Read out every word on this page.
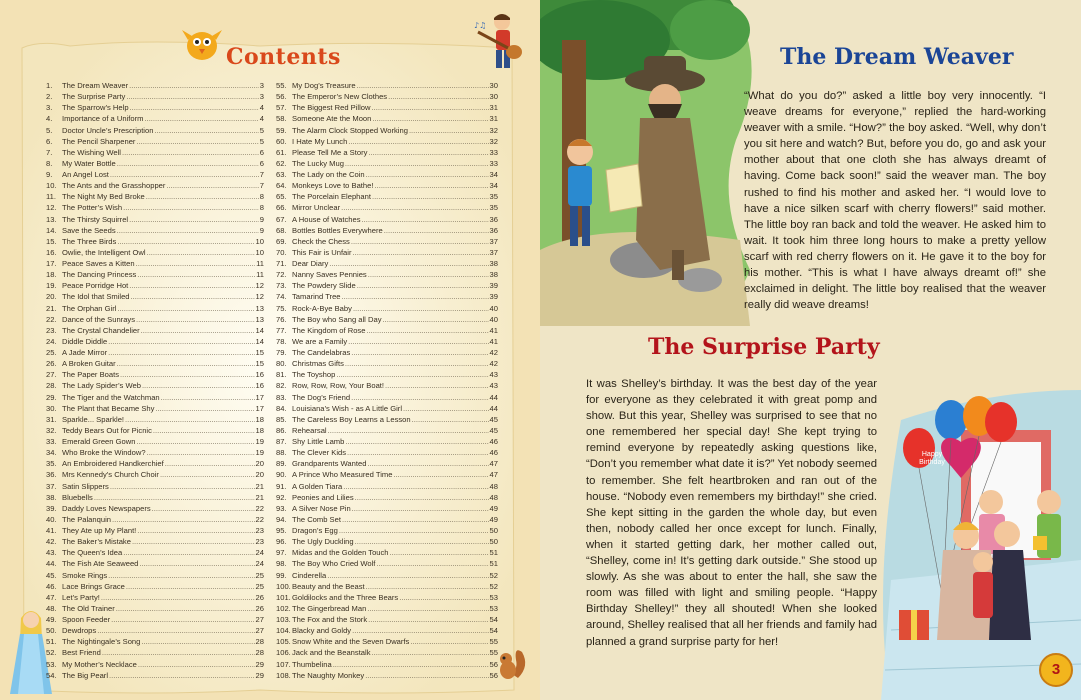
♪♫
Contents
1.	The Dream Weaver .....	3
2.	The Surprise Party .....	3
3.	The Sparrow’s Help .....	4
4.	Importance of a Uniform .....	4
5.	Doctor Uncle’s Prescription .....	5
6.	The Pencil Sharpener .....	5
7.	The Wishing Well .....	6
8.	My Water Bottle .....	6
9.	An Angel Lost .....	7
10. The Ants and the Grasshopper .....	7
11. The Night My Bed Broke .....	8
12. The Potter’s Wish .....	8
13. The Thirsty Squirrel .....	9
14. Save the Seeds .....	9
15. The Three Birds .....	10
16. Owlie, the Intelligent Owl .....	10
17. Peace Saves a Kitten .....	11
18. The Dancing Princess .....	11
19. Peace Porridge Hot .....	12
20. The Idol that Smiled .....	12
21. The Orphan Girl .....	13
22. Dance of the Sunrays .....	13
23. The Crystal Chandelier .....	14
24. Diddle Diddle .....	14
25. A Jade Mirror .....	15
26. A Broken Guitar .....	15
27. The Paper Boats .....	16
28. The Lady Spider’s Web .....	16
29. The Tiger and the Watchman .....	17
30. The Plant that Became Shy .....	17
31. Sparkle... Sparkle! .....	18
32. Teddy Bears Out for Picnic .....	18
33. Emerald Green Gown .....	19
34. Who Broke the Window? .....	19
35. An Embroidered Handkerchief .....	20
36. Mrs Kennedy’s Church Choir .....	20
37. Satin Slippers .....	21
38. Bluebells .....	21
39. Daddy Loves Newspapers .....	22
40. The Palanquin .....	22
41. They Ate up My Plant! .....	23
42. The Baker’s Mistake .....	23
43. The Queen’s Idea .....	24
44. The Fish Ate Seaweed .....	24
45. Smoke Rings .....	25
46. Lace Brings Grace .....	25
47. Let’s Party! .....	26
48. The Old Trainer .....	26
49. Spoon Feeder .....	27
50. Dewdrops .....	27
51. The Nightingale’s Song .....	28
52. Best Friend .....	28
53. My Mother’s Necklace .....	29
54. The Big Pearl .....	29
55. My Dog’s Treasure .....	30
56. The Emperor’s New Clothes .....	30
57. The Biggest Red Pillow .....	31
58. Someone Ate the Moon .....	31
59. The Alarm Clock Stopped Working .....	32
60. I Hate My Lunch .....	32
61. Please Tell Me a Story .....	33
62. The Lucky Mug .....	33
63. The Lady on the Coin .....	34
64. Monkeys Love to Bathe! .....	34
65. The Porcelain Elephant .....	35
66. Mirror Unclear .....	35
67. A House of Watches .....	36
68. Bottles Bottles Everywhere .....	36
69. Check the Chess .....	37
70. This Fair is Unfair .....	37
71. Dear Diary .....	38
72. Nanny Saves Pennies .....	38
73. The Powdery Slide .....	39
74. Tamarind Tree .....	39
75. Rock-A-Bye Baby .....	40
76. The Boy who Sang all Day .....	40
77. The Kingdom of Rose .....	41
78. We are a Family .....	41
79. The Candelabras .....	42
80. Christmas Gifts .....	42
81. The Toyshop .....	43
82. Row, Row, Row, Your Boat! .....	43
83. The Dog’s Friend .....	44
84. Louisiana’s Wish - as A Little Girl .....	44
85. The Careless Boy Learns a Lesson .....	45
86. Rehearsal .....	45
87. Shy Little Lamb .....	46
88. The Clever Kids .....	46
89. Grandparents Wanted .....	47
90. A Prince Who Measured Time .....	47
91. A Golden Tiara .....	48
92. Peonies and Lilies .....	48
93. A Silver Nose Pin .....	49
94. The Comb Set .....	49
95. Dragon’s Egg .....	50
96. The Ugly Duckling .....	50
97. Midas and the Golden Touch .....	51
98. The Boy Who Cried Wolf .....	51
99. Cinderella .....	52
100. Beauty and the Beast .....	52
101. Goldilocks and the Three Bears .....	53
102. The Gingerbread Man .....	53
103. The Fox and the Stork .....	54
104. Blacky and Goldy .....	54
105. Snow White and the Seven Dwarfs .....	55
106. Jack and the Beanstalk .....	55
107. Thumbelina .....	56
108. The Naughty Monkey .....	56
Happy
Birthday
The Dream Weaver
“What do you do?” asked a little boy very innocently. “I weave dreams for everyone,” replied the hard-working weaver with a smile. “How?” the boy asked. “Well, why don’t you sit here and watch? But, before you do, go and ask your mother about that one cloth she has always dreamt of having. Come back soon!” said the weaver man. The boy rushed to find his mother and asked her. “I would love to have a nice silken scarf with cherry flowers!” said mother. The little boy ran back and told the weaver. He asked him to wait. It took him three long hours to make a pretty yellow scarf with red cherry flowers on it. He gave it to the boy for his mother. “This is what I have always dreamt of!” she exclaimed in delight. The little boy realised that the weaver really did weave dreams!
The Surprise Party
It was Shelley’s birthday. It was the best day of the year for everyone as they celebrated it with great pomp and show. But this year, Shelley was surprised to see that no one remembered her special day! She kept trying to remind everyone by repeatedly asking questions like, “Don’t you remember what date it is?” Yet nobody seemed to remember. She felt heartbroken and ran out of the house. “Nobody even remembers my birthday!” she cried. She kept sitting in the garden the whole day, but even then, nobody called her once except for lunch. Finally, when it started getting dark, her mother called out, “Shelley, come in! It’s getting dark outside.” She stood up slowly. As she was about to enter the hall, she saw the room was filled with light and smiling people. “Happy Birthday Shelley!” they all shouted! When she looked around, Shelley realised that all her friends and family had planned a grand surprise party for her!
3
